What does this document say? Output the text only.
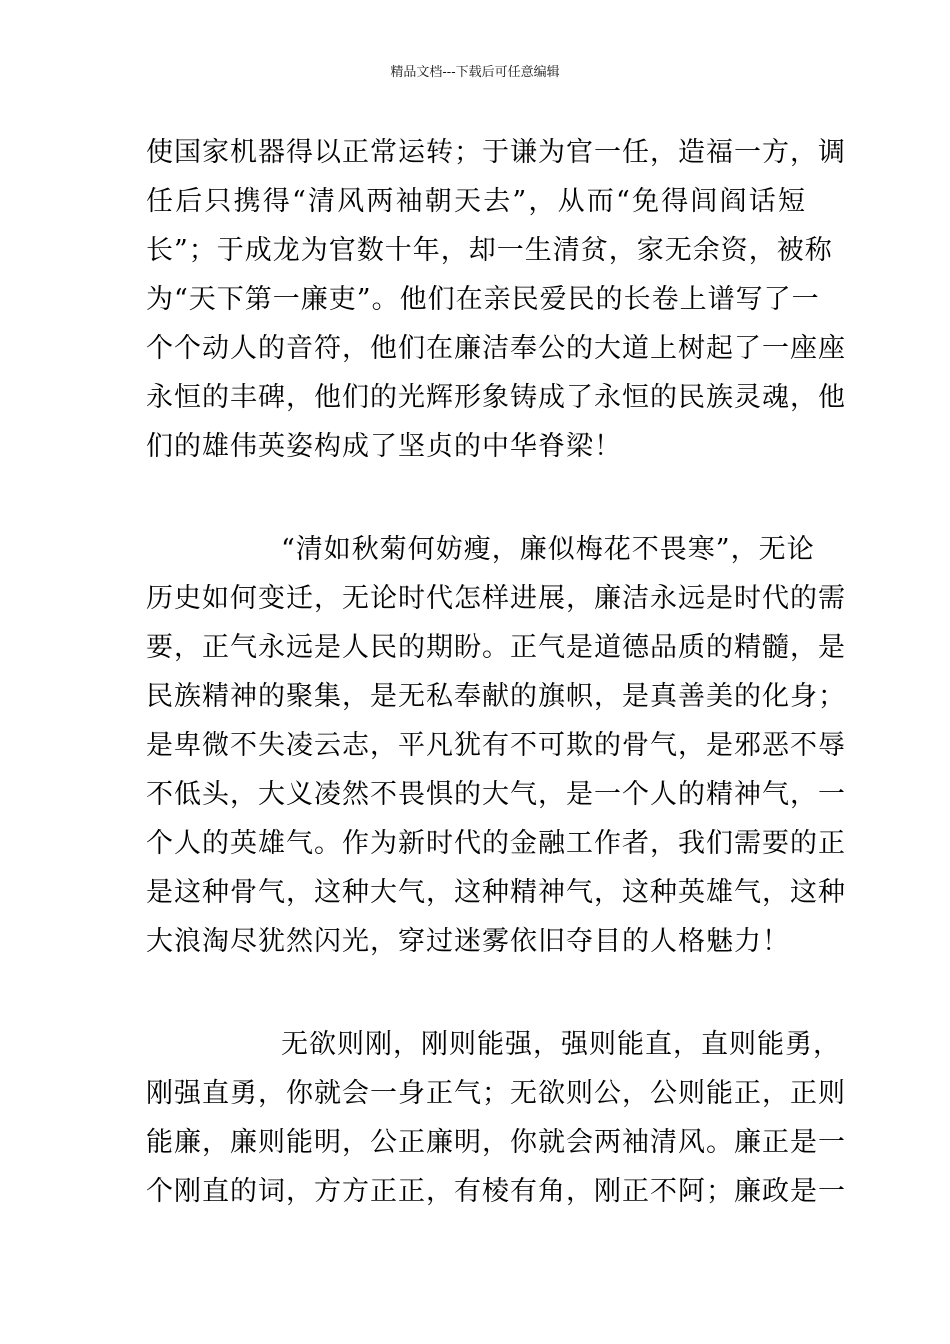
精品文档---下载后可任意编辑
使国家机器得以正常运转；于谦为官一任，造福一方，调
任后只携得“清风两袖朝天去”，从而“免得闾阎话短
长”；于成龙为官数十年，却一生清贫，家无余资，被称
为“天下第一廉吏”。他们在亲民爱民的长卷上谱写了一
个个动人的音符，他们在廉洁奉公的大道上树起了一座座
永恒的丰碑，他们的光辉形象铸成了永恒的民族灵魂，他
们的雄伟英姿构成了坚贞的中华脊梁！
“清如秋菊何妨瘦，廉似梅花不畏寒”，无论
历史如何变迁，无论时代怎样进展，廉洁永远是时代的需
要，正气永远是人民的期盼。正气是道德品质的精髓，是
民族精神的聚集，是无私奉献的旗帜，是真善美的化身；
是卑微不失凌云志，平凡犹有不可欺的骨气，是邪恶不辱
不低头，大义凌然不畏惧的大气，是一个人的精神气，一
个人的英雄气。作为新时代的金融工作者，我们需要的正
是这种骨气，这种大气，这种精神气，这种英雄气，这种
大浪淘尽犹然闪光，穿过迷雾依旧夺目的人格魅力！
无欲则刚，刚则能强，强则能直，直则能勇，
刚强直勇，你就会一身正气；无欲则公，公则能正，正则
能廉，廉则能明，公正廉明，你就会两袖清风。廉正是一
个刚直的词，方方正正，有棱有角，刚正不阿；廉政是一
